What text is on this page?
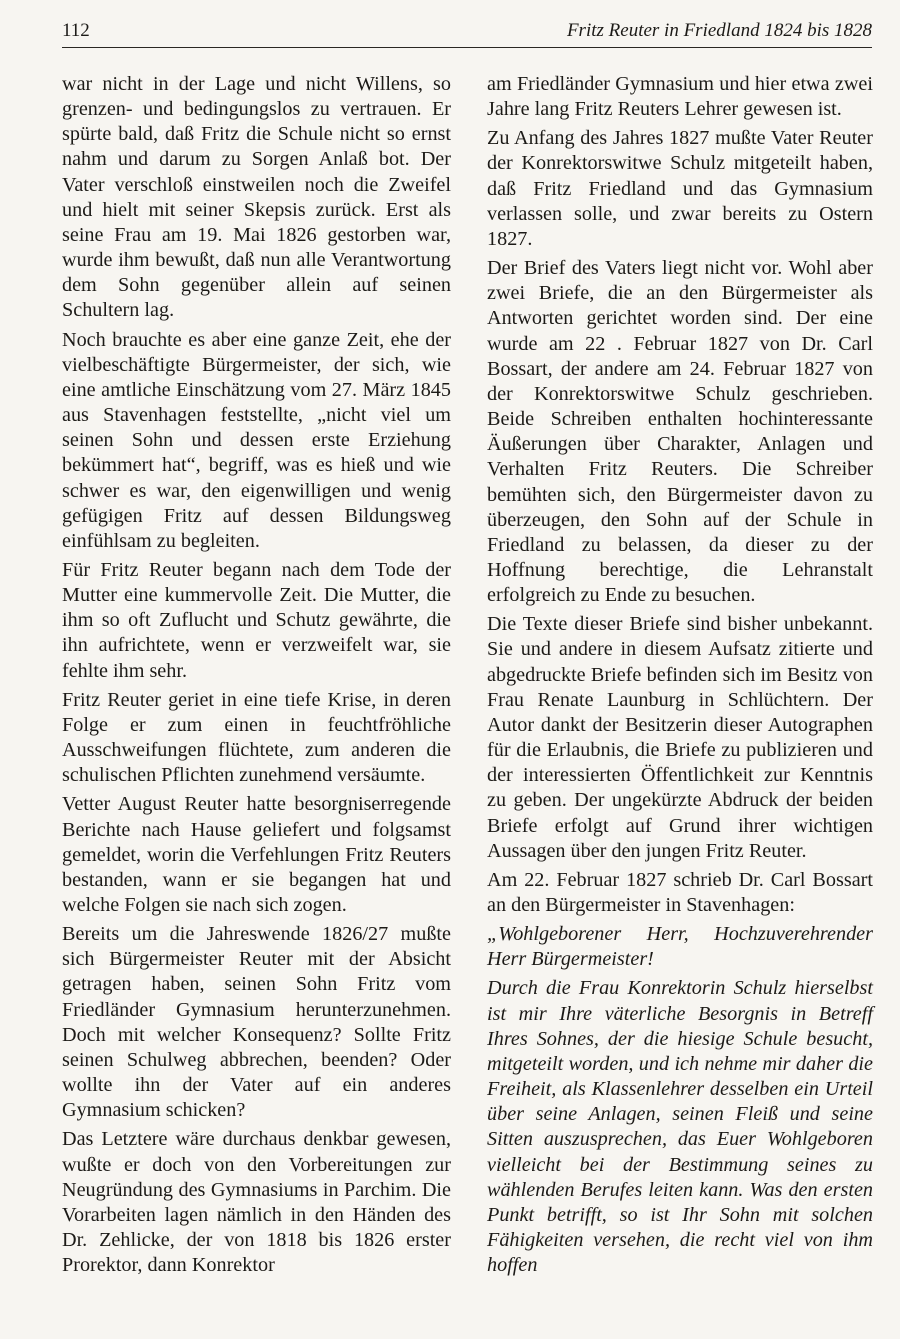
112	Fritz Reuter in Friedland 1824 bis 1828

war nicht in der Lage und nicht Willens, so grenzen- und bedingungslos zu vertrauen. Er spürte bald, daß Fritz die Schule nicht so ernst nahm und darum zu Sorgen Anlaß bot. Der Vater verschloß einstweilen noch die Zweifel und hielt mit seiner Skepsis zurück. Erst als seine Frau am 19. Mai 1826 gestorben war, wurde ihm bewußt, daß nun alle Verantwortung dem Sohn gegenüber allein auf seinen Schultern lag.

Noch brauchte es aber eine ganze Zeit, ehe der vielbeschäftigte Bürgermeister, der sich, wie eine amtliche Einschätzung vom 27. März 1845 aus Stavenhagen feststellte, „nicht viel um seinen Sohn und dessen erste Erziehung bekümmert hat“, begriff, was es hieß und wie schwer es war, den eigenwilligen und wenig gefügigen Fritz auf dessen Bildungsweg einfühlsam zu begleiten.

Für Fritz Reuter begann nach dem Tode der Mutter eine kummervolle Zeit. Die Mutter, die ihm so oft Zuflucht und Schutz gewährte, die ihn aufrichtete, wenn er verzweifelt war, sie fehlte ihm sehr.

Fritz Reuter geriet in eine tiefe Krise, in deren Folge er zum einen in feuchtfröhliche Ausschweifungen flüchtete, zum anderen die schulischen Pflichten zunehmend versäumte.

Vetter August Reuter hatte besorgniserregende Berichte nach Hause geliefert und folgsamst gemeldet, worin die Verfehlungen Fritz Reuters bestanden, wann er sie begangen hat und welche Folgen sie nach sich zogen.

Bereits um die Jahreswende 1826/27 mußte sich Bürgermeister Reuter mit der Absicht getragen haben, seinen Sohn Fritz vom Friedländer Gymnasium herunterzunehmen. Doch mit welcher Konsequenz? Sollte Fritz seinen Schulweg abbrechen, beenden? Oder wollte ihn der Vater auf ein anderes Gymnasium schicken?

Das Letztere wäre durchaus denkbar gewesen, wußte er doch von den Vorbereitungen zur Neugründung des Gymnasiums in Parchim. Die Vorarbeiten lagen nämlich in den Händen des Dr. Zehlicke, der von 1818 bis 1826 erster Prorektor, dann Konrektor

am Friedländer Gymnasium und hier etwa zwei Jahre lang Fritz Reuters Lehrer gewesen ist.

Zu Anfang des Jahres 1827 mußte Vater Reuter der Konrektorswitwe Schulz mitgeteilt haben, daß Fritz Friedland und das Gymnasium verlassen solle, und zwar bereits zu Ostern 1827.

Der Brief des Vaters liegt nicht vor. Wohl aber zwei Briefe, die an den Bürgermeister als Antworten gerichtet worden sind. Der eine wurde am 22 . Februar 1827 von Dr. Carl Bossart, der andere am 24. Februar 1827 von der Konrektorswitwe Schulz geschrieben. Beide Schreiben enthalten hochinteressante Äußerungen über Charakter, Anlagen und Verhalten Fritz Reuters. Die Schreiber bemühten sich, den Bürgermeister davon zu überzeugen, den Sohn auf der Schule in Friedland zu belassen, da dieser zu der Hoffnung berechtige, die Lehranstalt erfolgreich zu Ende zu besuchen.

Die Texte dieser Briefe sind bisher unbekannt. Sie und andere in diesem Aufsatz zitierte und abgedruckte Briefe befinden sich im Besitz von Frau Renate Launburg in Schlüchtern. Der Autor dankt der Besitzerin dieser Autographen für die Erlaubnis, die Briefe zu publizieren und der interessierten Öffentlichkeit zur Kenntnis zu geben. Der ungekürzte Abdruck der beiden Briefe erfolgt auf Grund ihrer wichtigen Aussagen über den jungen Fritz Reuter.

Am 22. Februar 1827 schrieb Dr. Carl Bossart an den Bürgermeister in Stavenhagen:

„Wohlgeborener Herr, Hochzuverehrender Herr Bürgermeister!

Durch die Frau Konrektorin Schulz hierselbst ist mir Ihre väterliche Besorgnis in Betreff Ihres Sohnes, der die hiesige Schule besucht, mitgeteilt worden, und ich nehme mir daher die Freiheit, als Klassenlehrer desselben ein Urteil über seine Anlagen, seinen Fleiß und seine Sitten auszusprechen, das Euer Wohlgeboren vielleicht bei der Bestimmung seines zu wählenden Berufes leiten kann. Was den ersten Punkt betrifft, so ist Ihr Sohn mit solchen Fähigkeiten versehen, die recht viel von ihm hoffen
